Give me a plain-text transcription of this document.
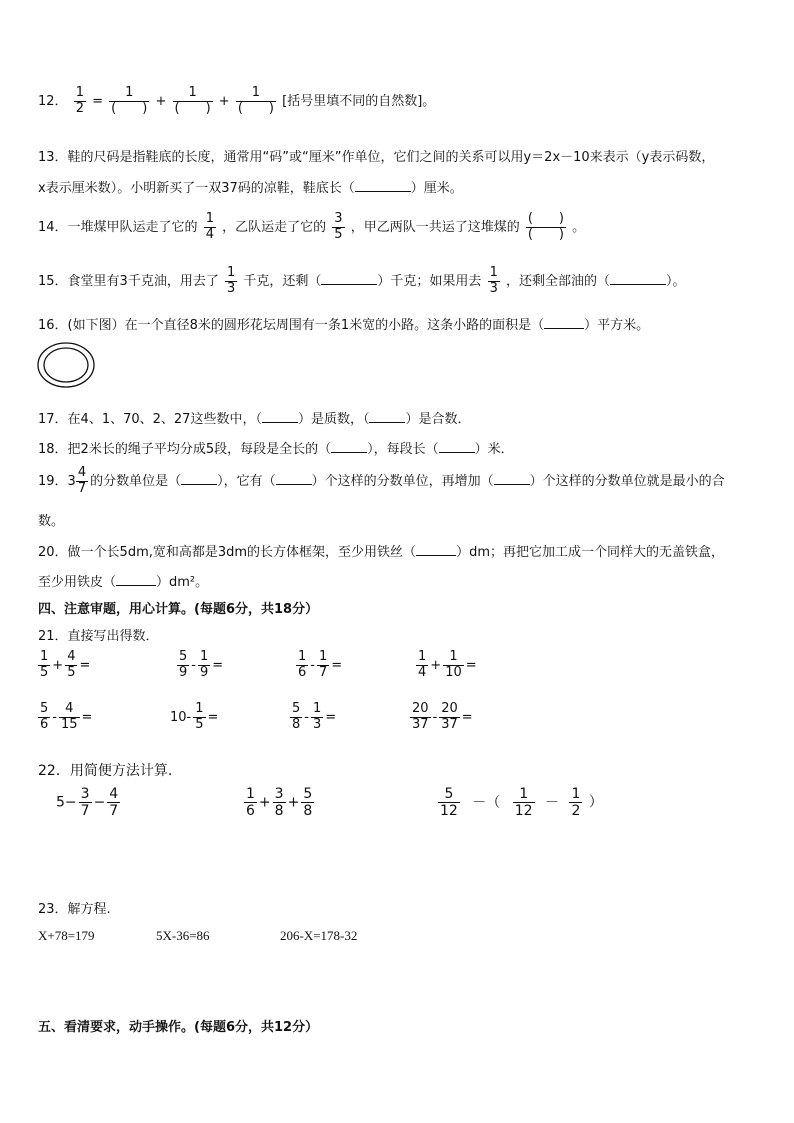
12． $\frac{1}{2} = \frac{1}{( )} + \frac{1}{( )} + \frac{1}{( )}$ [括号里填不同的自然数]。
13．鞋的尺码是指鞋底的长度，通常用“码”或“厘米”作单位，它们之间的关系可以用y＝2x－10来表示（y表示码数，
x表示厘米数）。小明新买了一双37码的凉鞋，鞋底长（	）厘米。
14．一堆煤甲队运走了它的 $\frac{1}{4}$ ，乙队运走了它的 $\frac{3}{5}$ ，甲乙两队一共运了这堆煤的 $\frac{( )}{( )}$ 。
15．食堂里有3千克油，用去了 $\frac{1}{3}$ 千克，还剩（	）千克；如果用去 $\frac{1}{3}$ ，还剩全部油的（	）。
16．(如下图）在一个直径8米的圆形花坛周围有一条1米宽的小路。这条小路的面积是（	）平方米。
17．在4、1、70、2、27这些数中，（	）是质数，（	）是合数．
18．把2米长的绳子平均分成5段，每段是全长的（	），每段长（	）米．
19．$3 \frac{4}{7}$ 的分数单位是（	），它有（	）个这样的分数单位，再增加（	）个这样的分数单位就是最小的合
数。
20．做一个长5dm,宽和高都是3dm的长方体框架，至少用铁丝（	）dm；再把它加工成一个同样大的无盖铁盒，
至少用铁皮（	）dm²。
四、注意审题，用心计算。(每题6分，共18分）
21．直接写出得数．
$\frac{1}{5} + \frac{4}{5}$ =	$\frac{5}{9} - \frac{1}{9}$ =	$\frac{1}{6} - \frac{1}{7}$ =	$\frac{1}{4} + \frac{1}{10}$ =
$\frac{5}{6} - \frac{4}{15}$ =	$10- \frac{1}{5}$ =	$\frac{5}{8} - \frac{1}{3}$ =	$\frac{20}{37} - \frac{20}{37}$ =
22．用简便方法计算.
$5- \frac{3}{7} - \frac{4}{7}$	$\frac{1}{6} + \frac{3}{8} + \frac{5}{8}$	$\frac{5}{12}$ －（ $\frac{1}{12} - \frac{1}{2}$ ）
23．解方程.
X+78=179	5X-36=86	206-X=178-32
五、看清要求，动手操作。(每题6分，共12分）
